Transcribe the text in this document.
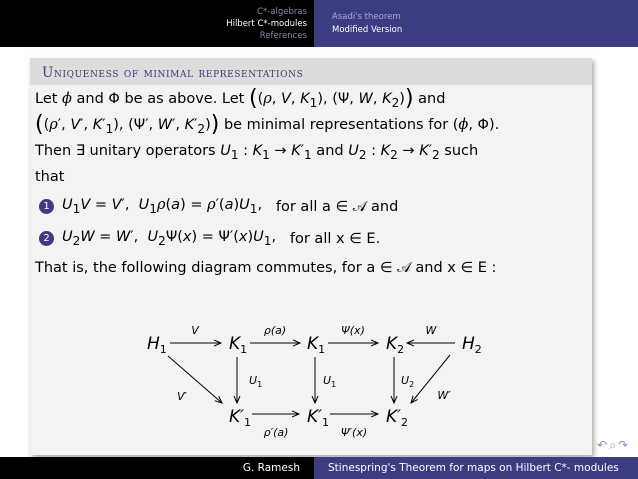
C*-algebras
Hilbert C*-modules
References
Asadi's theorem
Modified Version
Uniqueness of minimal representations
Let ϕ and Φ be as above. Let ((ρ, V, $K_1$), (Ψ, W, $K_2$)) and
((ρ′, V′, $K'_1$), (Ψ′, W′, $K'_2$)) be minimal representations for (ϕ, Φ).
Then ∃ unitary operators $U_1$ : $K_1 \to K'_1$ and $U_2$ : $K_2 \to K'_2$ such
that
1 $U_1V = V'$,  $U_1\rho(a) = \rho'(a)U_1$, for all a ∈ 𝒜 and
2 $U_2W = W'$,  $U_2\Psi(x) = \Psi'(x)U_1$, for all x ∈ E.
That is, the following diagram commutes, for a ∈ 𝒜 and x ∈ E :
$H_1$	$K_1$	$K_1$	$K_2$	$H_2$
$K'_1$	$K'_1$	$K'_2$
V	ρ(a)	Ψ(x)	W
V′
$U_1$	$U_1$	$U_2$
W′
ρ′(a)	Ψ′(x)
↶⌕↷
G. Ramesh	Stinespring's Theorem for maps on Hilbert C*- modules
